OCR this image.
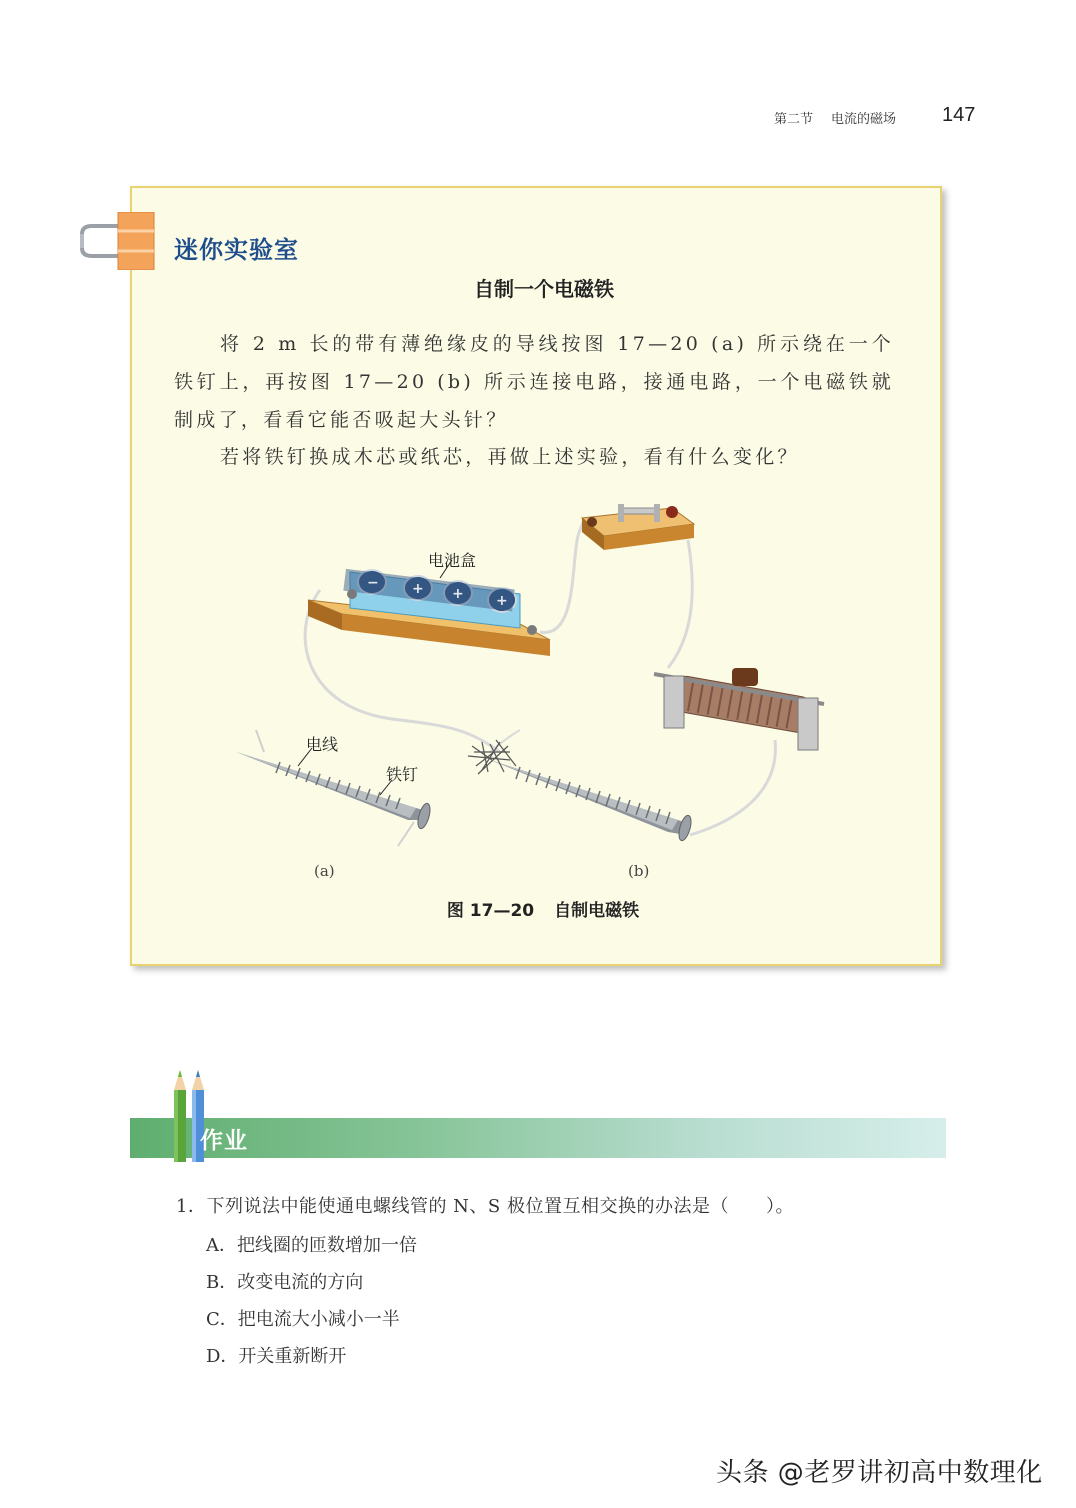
第二节 电流的磁场	147
迷你实验室
自制一个电磁铁
将 2 m 长的带有薄绝缘皮的导线按图 17—20 (a) 所示绕在一个铁钉上，再按图 17—20 (b) 所示连接电路，接通电路，一个电磁铁就制成了，看看它能否吸起大头针？
若将铁钉换成木芯或纸芯，再做上述实验，看有什么变化？
− + + +
电池盒
电线
铁钉
(a)	(b)
图 17—20 自制电磁铁
作业
1．下列说法中能使通电螺线管的 N、S 极位置互相交换的办法是（　　）。
A．把线圈的匝数增加一倍
B．改变电流的方向
C．把电流大小减小一半
D．开关重新断开
头条 @老罗讲初高中数理化
